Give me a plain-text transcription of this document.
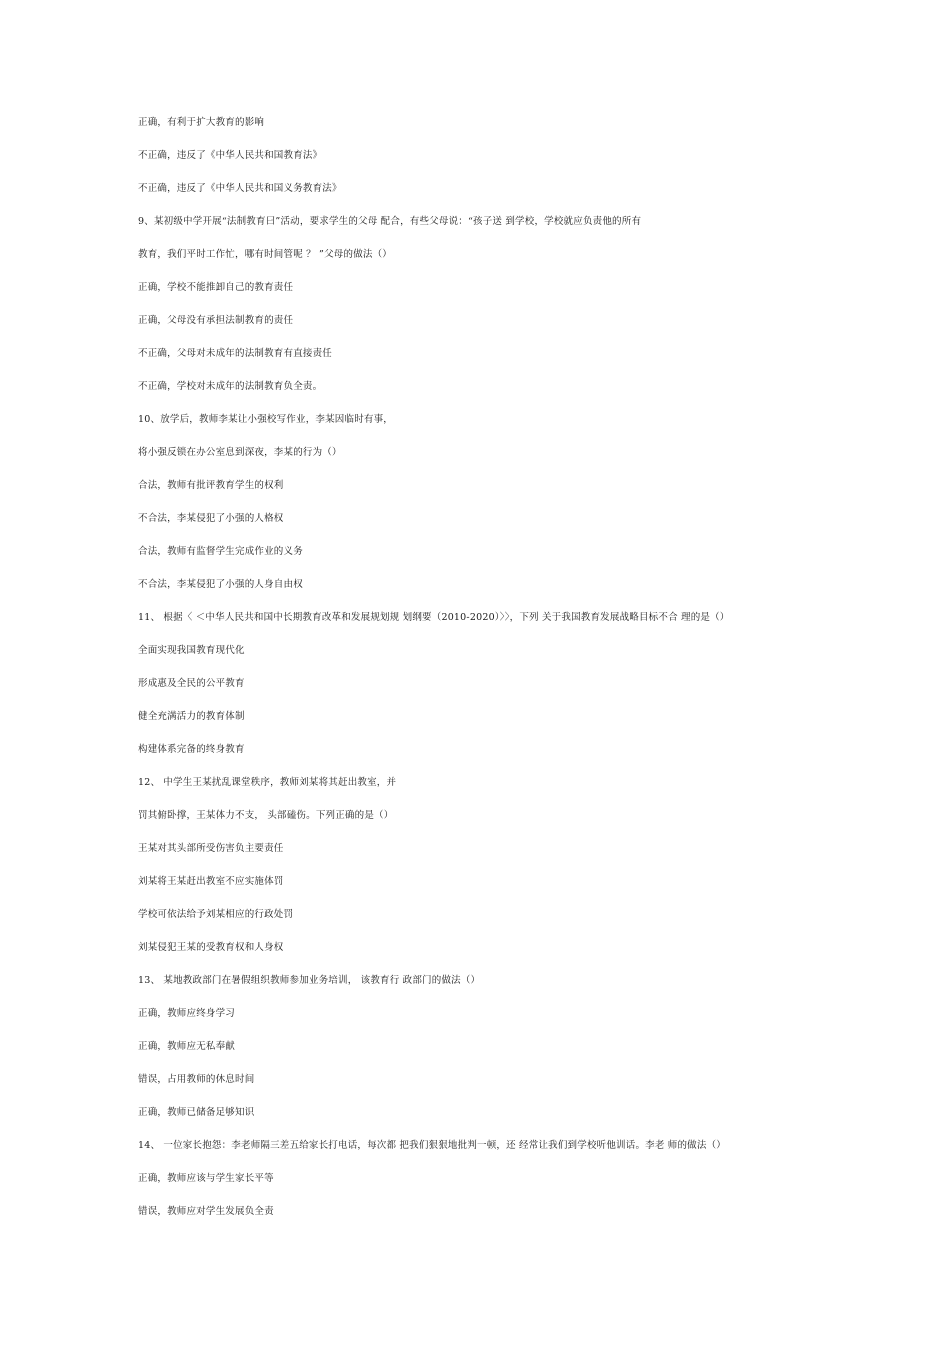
正确，有利于扩大教育的影响
不正确，违反了《中华人民共和国教育法》
不正确，违反了《中华人民共和国义务教育法》
9、某初级中学开展“法制教育曰”活动，要求学生的父母 配合，有些父母说：“孩子送 到学校，学校就应负责他的所有
教育，我们平时工作忙，哪有时间管呢 ？ ”父母的做法（）
正确，学校不能推卸自己的教育责任
正确，父母没有承担法制教育的责任
不正确，父母对未成年的法制教育有直接责任
不正确，学校对未成年的法制教育负全责。
10、放学后，教师李某让小强校写作业，李某因临时有事，
将小强反锁在办公室息到深夜，李某的行为（）
合法，教师有批评教育学生的权利
不合法，李某侵犯了小强的人格权
合法，教师有监督学生完成作业的义务
不合法，李某侵犯了小强的人身自由权
11、 根据〈 ＜中华人民共和国中长期教育改革和发展规划规 划纲要（2010-2020）〉〉，下列 关于我国教育发展战略目标不合 理的是（）
全面实现我国教育现代化
形成惠及全民的公平教育
健全充满活力的教育体制
构建体系完备的终身教育
12、 中学生王某扰乱课堂秩序，教师刘某将其赶出教室，并
罚其俯卧撑，王某体力不支， 头部磕伤。下列正确的是（）
王某对其头部所受伤害负主要责任
刘某将王某赶出教室不应实施体罚
学校可依法给予刘某相应的行政处罚
刘某侵犯王某的受教育权和人身权
13、 某地教政部门在暑假组织教师参加业务培训， 该教育行 政部门的做法（）
正确，教师应终身学习
正确，教师应无私奉献
错误，占用教师的休息时间
正确，教师已储备足够知识
14、 一位家长抱怨：李老师隔三差五给家长打电话，每次都 把我们狠狠地批判一顿，还 经常让我们到学校听他训话。李老 师的做法（）
正确，教师应该与学生家长平等
错误，教师应对学生发展负全责
